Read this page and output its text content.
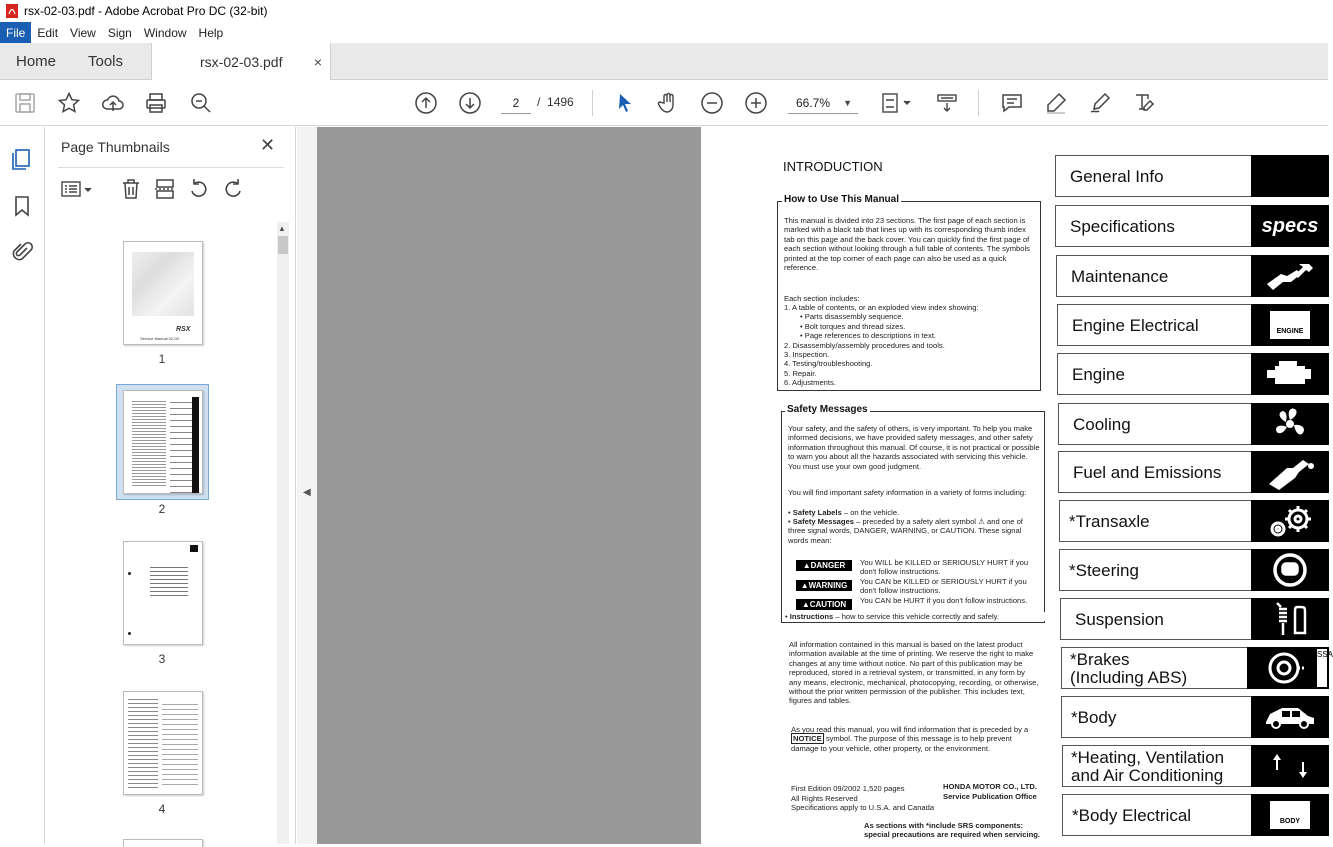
rsx-02-03.pdf - Adobe Acrobat Pro DC (32-bit)
File	Edit	View	Sign	Window	Help
Home Tools	rsx-02-03.pdf ×
2	/ 1496	66.7% ▼
Page Thumbnails	✕
▲
RSX
Service Manual 02-03
1
2
3
4
◀
INTRODUCTION
This manual is divided into 23 sections. The first page of each section is marked with a black tab that lines up with its corresponding thumb index tab on this page and the back cover. You can quickly find the first page of each section without looking through a full table of contents. The symbols printed at the top corner of each page can also be used as a quick reference.
Each section includes:
1. A table of contents, or an exploded view index showing:
• Parts disassembly sequence.
• Bolt torques and thread sizes.
• Page references to descriptions in text.
2. Disassembly/assembly procedures and tools.
3. Inspection.
4. Testing/troubleshooting.
5. Repair.
6. Adjustments.
How to Use This Manual
Your safety, and the safety of others, is very important. To help you make informed decisions, we have provided safety messages, and other safety information throughout this manual. Of course, it is not practical or possible to warn you about all the hazards associated with servicing this vehicle. You must use your own good judgment.
You will find important safety information in a variety of forms including:
• Safety Labels – on the vehicle.
• Safety Messages – preceded by a safety alert symbol ⚠ and one of three signal words, DANGER, WARNING, or CAUTION. These signal words mean:
▲DANGER	You WILL be KILLED or SERIOUSLY HURT if you don't follow instructions.
▲WARNING	You CAN be KILLED or SERIOUSLY HURT if you don't follow instructions.
▲CAUTION	You CAN be HURT if you don't follow instructions.
Safety Messages
• Instructions – how to service this vehicle correctly and safely.
All information contained in this manual is based on the latest product information available at the time of printing. We reserve the right to make changes at any time without notice. No part of this publication may be reproduced, stored in a retrieval system, or transmitted, in any form by any means, electronic, mechanical, photocopying, recording, or otherwise, without the prior written permission of the publisher. This includes text, figures and tables.
As you read this manual, you will find information that is preceded by a NOTICE symbol. The purpose of this message is to help prevent damage to your vehicle, other property, or the environment.
First Edition 09/2002 1,520 pages
All Rights Reserved
Specifications apply to U.S.A. and Canada
HONDA MOTOR CO., LTD.
Service Publication Office
As sections with *include SRS components: special precautions are required when servicing.
General Info
Specifications	specs
Maintenance
Engine Electrical	ENGINE
Engine
Cooling
Fuel and Emissions
*Transaxle
*Steering
Suspension
*Brakes
(Including ABS)
SSA
*Body
*Heating, Ventilation
and Air Conditioning
*Body Electrical	BODY
